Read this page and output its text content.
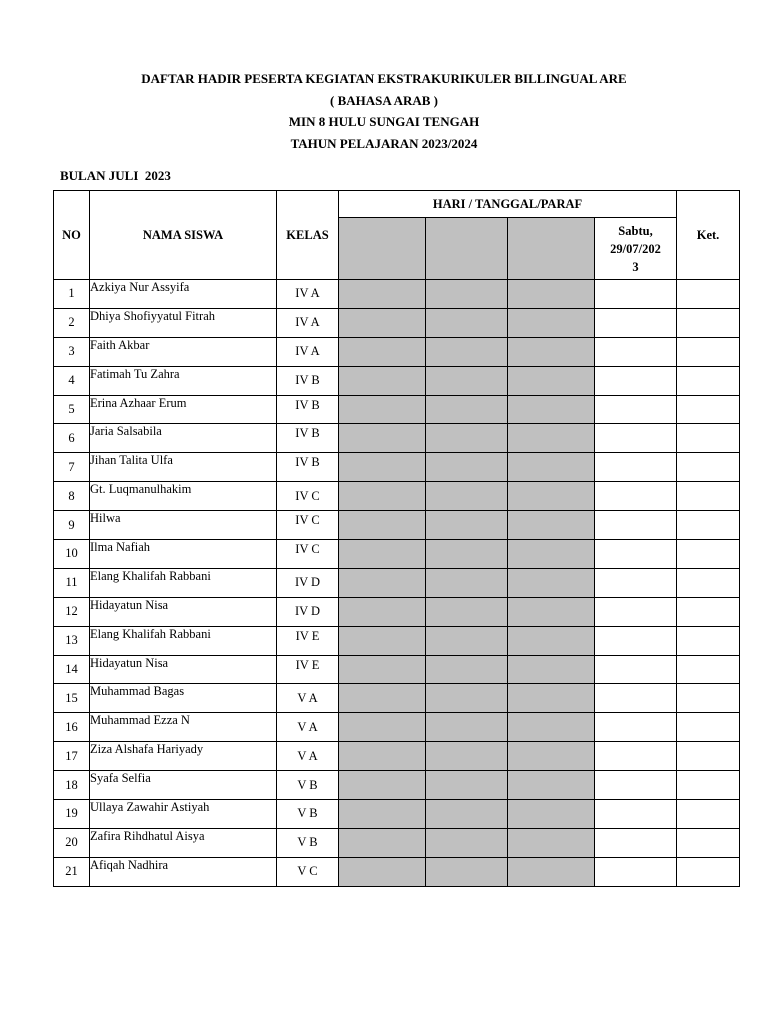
DAFTAR HADIR PESERTA KEGIATAN EKSTRAKURIKULER BILLINGUAL ARE
( BAHASA ARAB )
MIN 8 HULU SUNGAI TENGAH
TAHUN PELAJARAN 2023/2024
BULAN JULI  2023
NO	NAMA SISWA	KELAS	HARI / TANGGAL/PARAF				Ket.

						Sabtu,
29/07/202
3	

1	Azkiya Nur Assyifa	IV A					
2	Dhiya Shofiyyatul Fitrah	IV A					
3	Faith Akbar	IV A					
4	Fatimah Tu Zahra	IV B					
5	Erina Azhaar Erum	IV B					
6	Jaria Salsabila	IV B					
7	Jihan Talita Ulfa	IV B					
8	Gt. Luqmanulhakim	IV C					
9	Hilwa	IV C					
10	Ilma Nafiah	IV C					
11	Elang Khalifah Rabbani	IV D					
12	Hidayatun Nisa	IV D					
13	Elang Khalifah Rabbani	IV E					
14	Hidayatun Nisa	IV E					
15	Muhammad Bagas	V A					
16	Muhammad Ezza N	V A					
17	Ziza Alshafa Hariyady	V A					
18	Syafa Selfia	V B					
19	Ullaya Zawahir Astiyah	V B					
20	Zafira Rihdhatul Aisya	V B					
21	Afiqah Nadhira	V C					
